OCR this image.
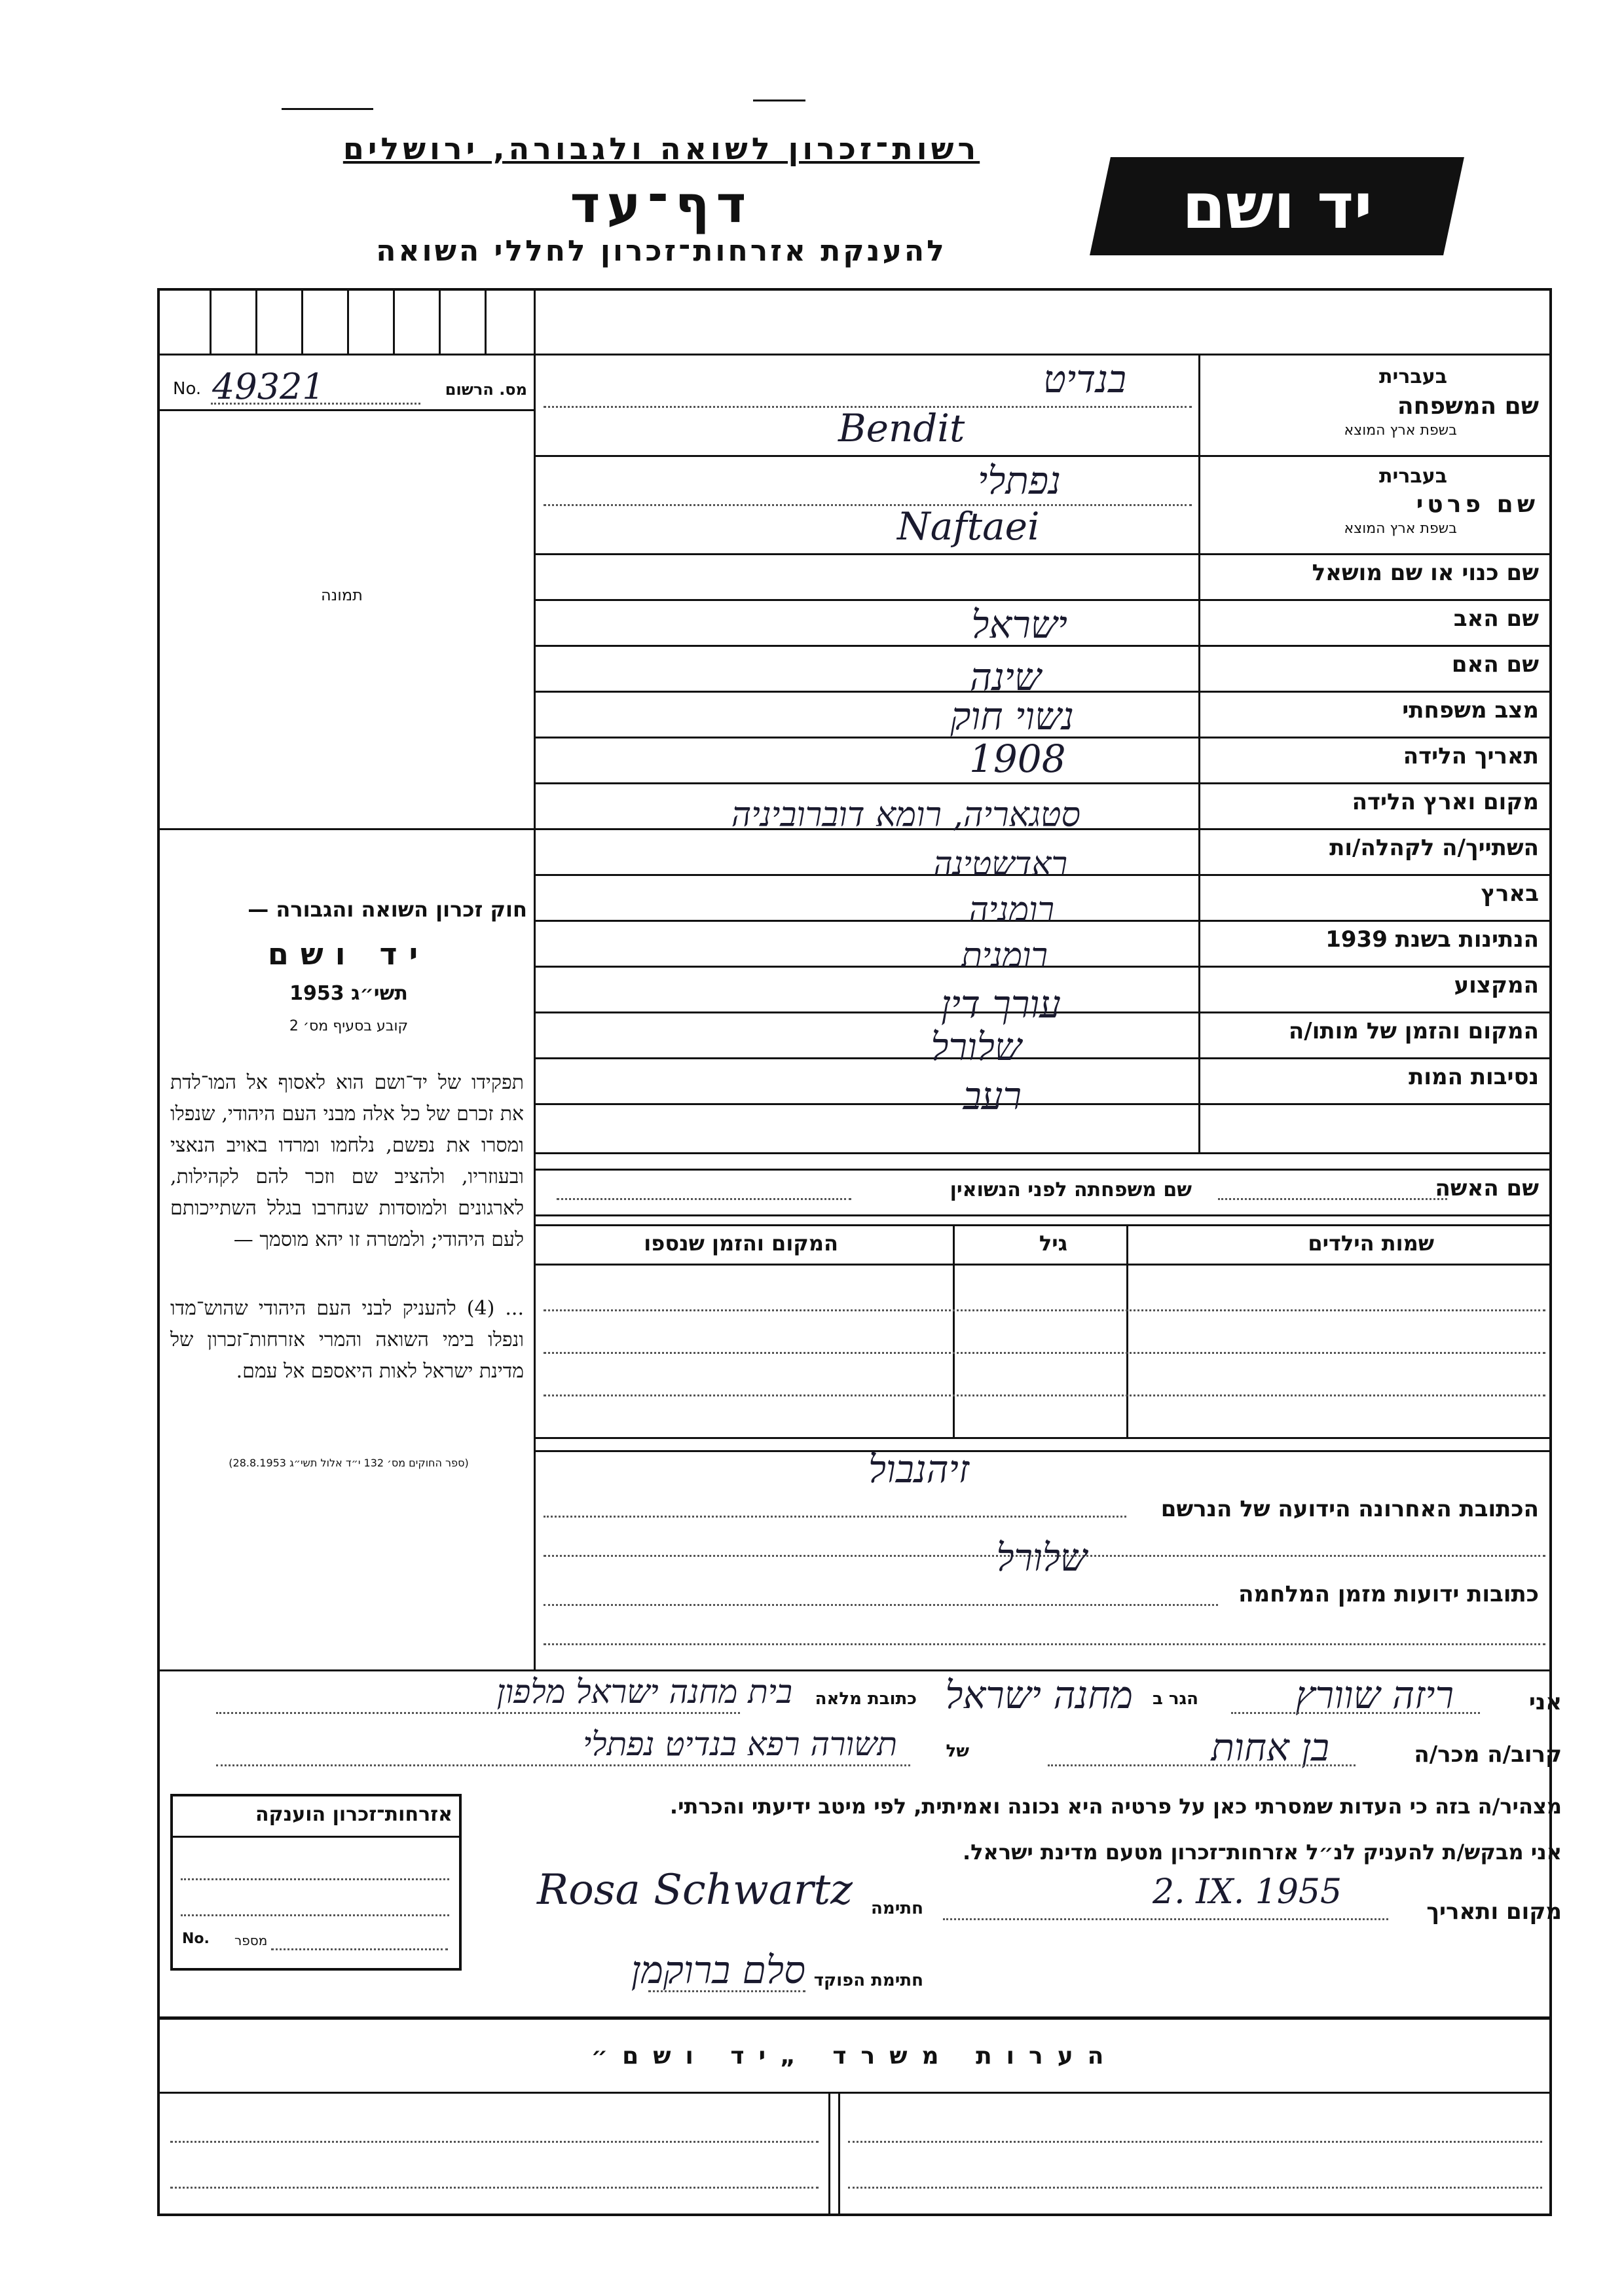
רשות־זכרון לשואה ולגבורה, ירושלים
דף־עד
להענקת אזרחות־זכרון לחללי השואה
יד ושם
No. 49321	מס. הרשום
תמונה
חוק זכרון השואה והגבורה —
יד ושם
תשי״ג 1953
קובע בסעיף מס׳ 2
תפקידו של יד־ושם הוא לאסוף אל המו־לדת את זכרם של כל אלה מבני העם היהודי, שנפלו ומסרו את נפשם, נלחמו ומרדו באויב הנאצי ובעוזריו, ולהציב שם וזכר להם לקהילות, לארגונים ולמוסדות שנחרבו בגלל השתייכותם לעם היהודי; ולמטרה זו יהא מוסמך —
... (4) להעניק לבני העם היהודי שהוש־מדו ונפלו בימי השואה והמרי אזרחות־זכרון של מדינת ישראל לאות היאספם אל עמם.
(ספר החוקים מס׳ 132 י״ד אלול תשי״ג 28.8.1953)
שם המשפחה
בעברית
בשפת ארץ המוצא
בנדיט
Bendit
שם פרטי
בעברית
בשפת ארץ המוצא
נפתלי
Naftaei
שם כנוי או שם מושאל
שם האב
ישראל
שם האם
שינה
מצב משפחתי
נשוי חוק
תאריך הלידה
1908
מקום וארץ הלידה
סטגאריה, רומא דוברוביניה
השתייך/ה לקהלה/ות
ראדשטינה
בארץ
רומניה
הנתינות בשנת 1939
רומנית
המקצוע
עורך דין
המקום והזמן של מותו/ה
שלורל
נסיבות המות
רעב
שם האשה
שם משפחתה לפני הנשואין
שמות הילדים
גיל
המקום והזמן שנספו
זיהנבול
הכתובת האחרונה הידועה של הנרשם
שלורל
כתובות ידועות מזמן המלחמה
אני
ריזה שוורץ
הגר ב
מחנה ישראל
כתובת מלאה
בית מחנה ישראל מלפון
קרוב/ה מכר/ה
בן אחות
של
תשורה רפא בנדיט נפתלי
מצהיר/ה בזה כי העדות שמסרתי כאן על פרטיה היא נכונה ואמיתית, לפי מיטב ידיעתי והכרתי.
אני מבקש/ת להעניק לנ״ל אזרחות־זכרון מטעם מדינת ישראל.
מקום ותאריך
2. IX. 1955
חתימה
Rosa Schwartz
חתימת הפוקד
סלם ברוקמן
אזרחות־זכרון הוענקה
No. מספר
הערות משרד „יד ושם״
